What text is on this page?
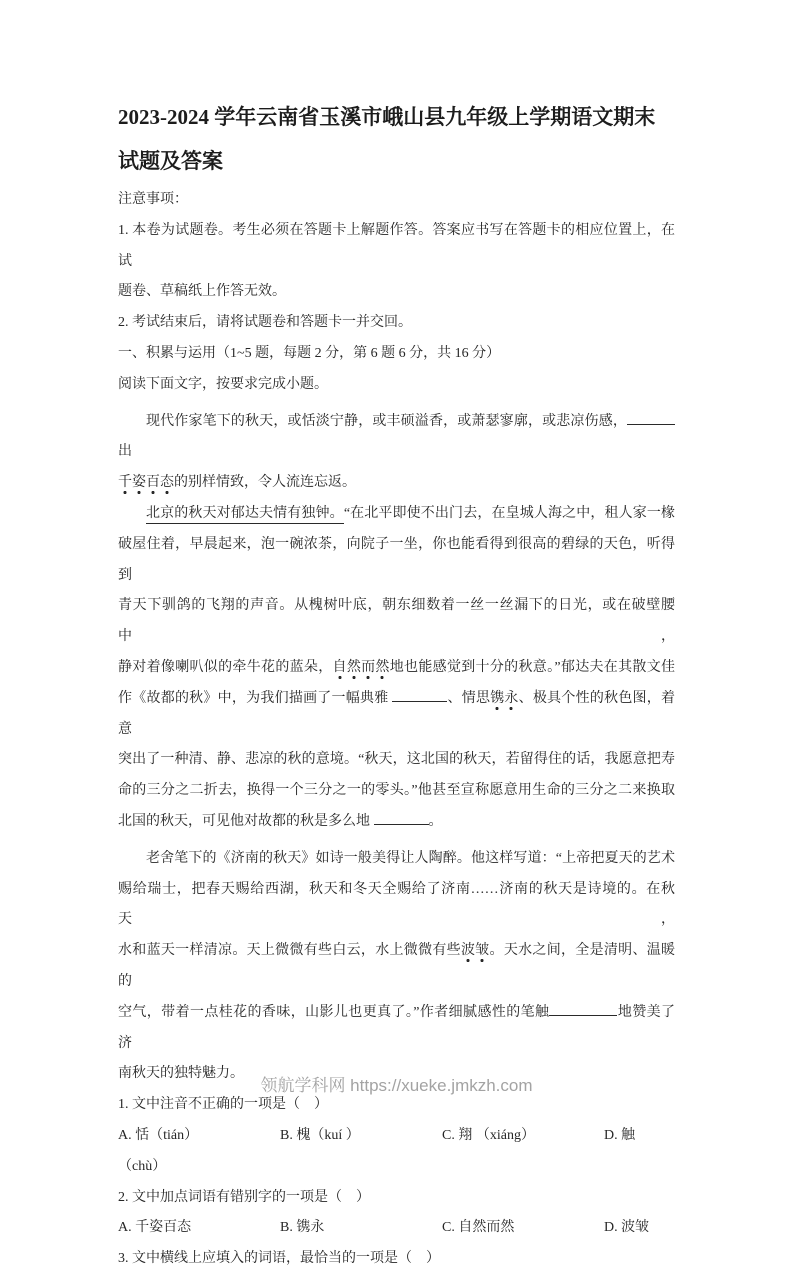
2023-2024 学年云南省玉溪市峨山县九年级上学期语文期末
试题及答案
注意事项：
1. 本卷为试题卷。考生必须在答题卡上解题作答。答案应书写在答题卡的相应位置上，在试
题卷、草稿纸上作答无效。
2. 考试结束后，请将试题卷和答题卡一并交回。
一、积累与运用（1~5 题，每题 2 分，第 6 题 6 分，共 16 分）
阅读下面文字，按要求完成小题。
现代作家笔下的秋天，或恬淡宁静，或丰硕溢香，或萧瑟寥廓，或悲凉伤感，出
千姿百态的别样情致，令人流连忘返。
北京的秋天对郁达夫情有独钟。“在北平即使不出门去，在皇城人海之中，租人家一椽
破屋住着，早晨起来，泡一碗浓茶，向院子一坐，你也能看得到很高的碧绿的天色，听得到
青天下驯鸽的飞翔的声音。从槐树叶底，朝东细数着一丝一丝漏下的日光，或在破壁腰中，
静对着像喇叭似的牵牛花的蓝朵，自然而然地也能感觉到十分的秋意。”郁达夫在其散文佳
作《故都的秋》中，为我们描画了一幅典雅	、情思镌永、极具个性的秋色图，着意
突出了一种清、静、悲凉的秋的意境。“秋天，这北国的秋天，若留得住的话，我愿意把寿
命的三分之二折去，换得一个三分之一的零头。”他甚至宣称愿意用生命的三分之二来换取
北国的秋天，可见他对故都的秋是多么地	。
老舍笔下的《济南的秋天》如诗一般美得让人陶醉。他这样写道：“上帝把夏天的艺术
赐给瑞士，把春天赐给西湖，秋天和冬天全赐给了济南……济南的秋天是诗境的。在秋天，
水和蓝天一样清凉。天上微微有些白云，水上微微有些波皱。天水之间，全是清明、温暖的
空气，带着一点桂花的香味，山影儿也更真了。”作者细腻感性的笔触	地赞美了济
南秋天的独特魅力。
1. 文中注音不正确的一项是（　）
A. 恬（tián）	B. 槐（kuí ）	C. 翔 （xiáng）	D. 触
（chù）
2. 文中加点词语有错别字的一项是（　）
A. 千姿百态	B. 镌永	C. 自然而然	D. 波皱
3. 文中横线上应填入的词语，最恰当的一项是（　）
领航学科网 https://xueke.jmkzh.com
